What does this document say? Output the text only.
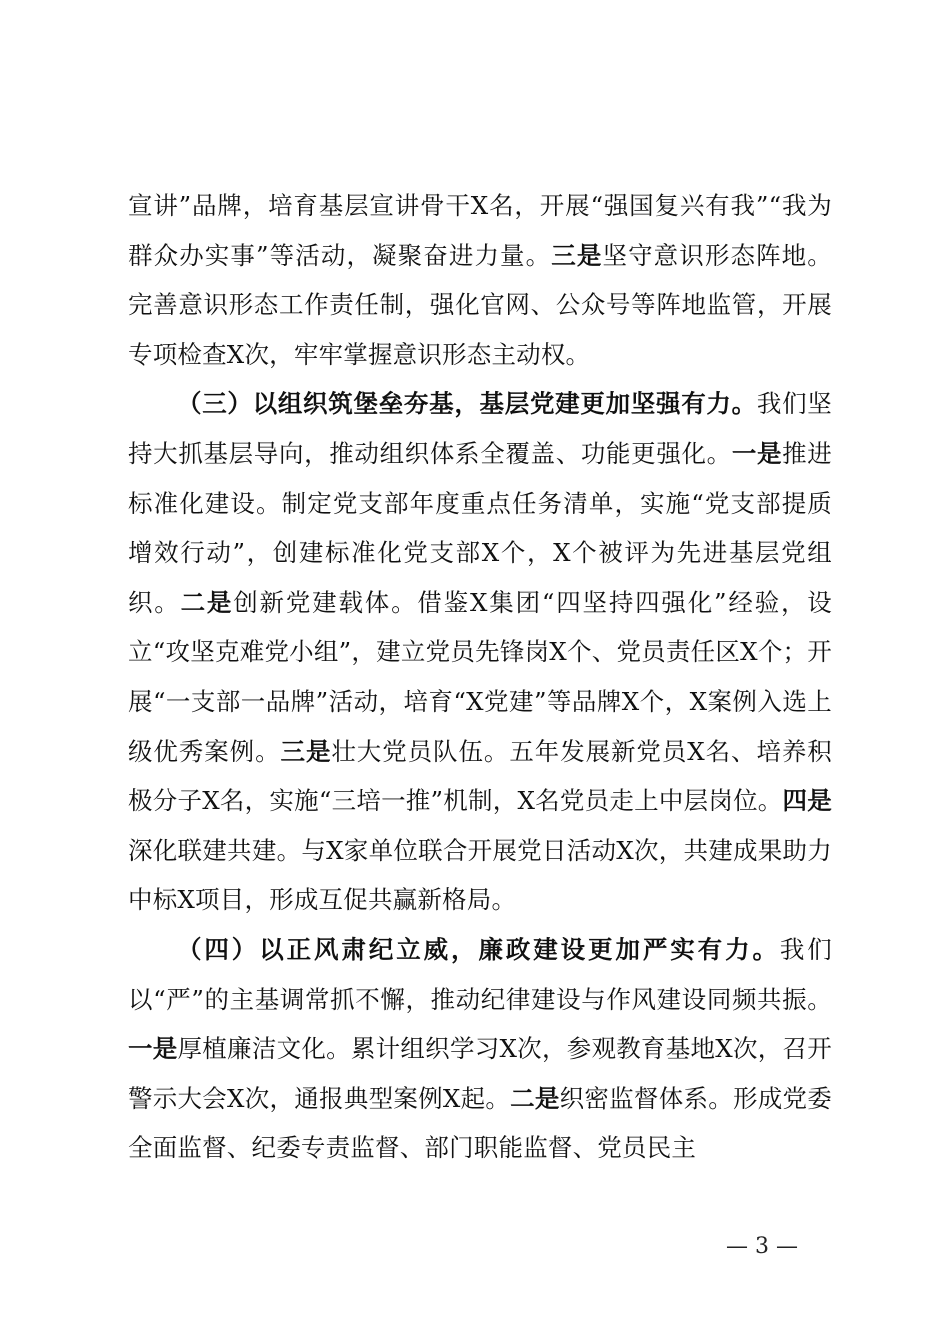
宣讲”品牌，培育基层宣讲骨干X名，开展“强国复兴有我”“我为群众办实事”等活动，凝聚奋进力量。三是坚守意识形态阵地。完善意识形态工作责任制，强化官网、公众号等阵地监管，开展专项检查X次，牢牢掌握意识形态主动权。

（三）以组织筑堡垒夯基，基层党建更加坚强有力。我们坚持大抓基层导向，推动组织体系全覆盖、功能更强化。一是推进标准化建设。制定党支部年度重点任务清单，实施“党支部提质增效行动”，创建标准化党支部X个，X个被评为先进基层党组织。二是创新党建载体。借鉴X集团“四坚持四强化”经验，设立“攻坚克难党小组”，建立党员先锋岗X个、党员责任区X个；开展“一支部一品牌”活动，培育“X党建”等品牌X个，X案例入选上级优秀案例。三是壮大党员队伍。五年发展新党员X名、培养积极分子X名，实施“三培一推”机制，X名党员走上中层岗位。四是深化联建共建。与X家单位联合开展党日活动X次，共建成果助力中标X项目，形成互促共赢新格局。

（四）以正风肃纪立威，廉政建设更加严实有力。我们以“严”的主基调常抓不懈，推动纪律建设与作风建设同频共振。一是厚植廉洁文化。累计组织学习X次，参观教育基地X次，召开警示大会X次，通报典型案例X起。二是织密监督体系。形成党委全面监督、纪委专责监督、部门职能监督、党员民主

— 3 —
